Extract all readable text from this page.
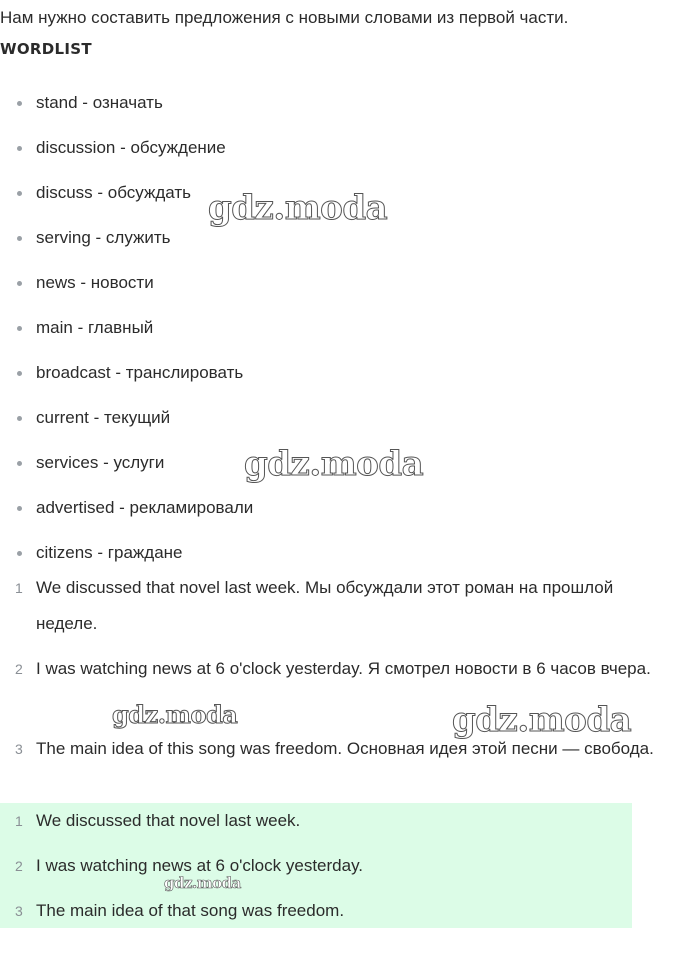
Нам нужно составить предложения с новыми словами из первой части.
WORDLIST
stand - означать
discussion - обсуждение
discuss - обсуждать
serving - служить
news - новости
main - главный
broadcast - транслировать
current - текущий
services - услуги
advertised - рекламировали
citizens - граждане
1 We discussed that novel last week. Мы обсуждали этот роман на прошлой неделе.
2 I was watching news at 6 o'clock yesterday. Я смотрел новости в 6 часов вчера.
3 The main idea of this song was freedom. Основная идея этой песни — свобода.
1 We discussed that novel last week.
2 I was watching news at 6 o'clock yesterday.
3 The main idea of that song was freedom.
gdz.moda
gdz.moda
gdz.moda	gdz.moda
gdz.moda
